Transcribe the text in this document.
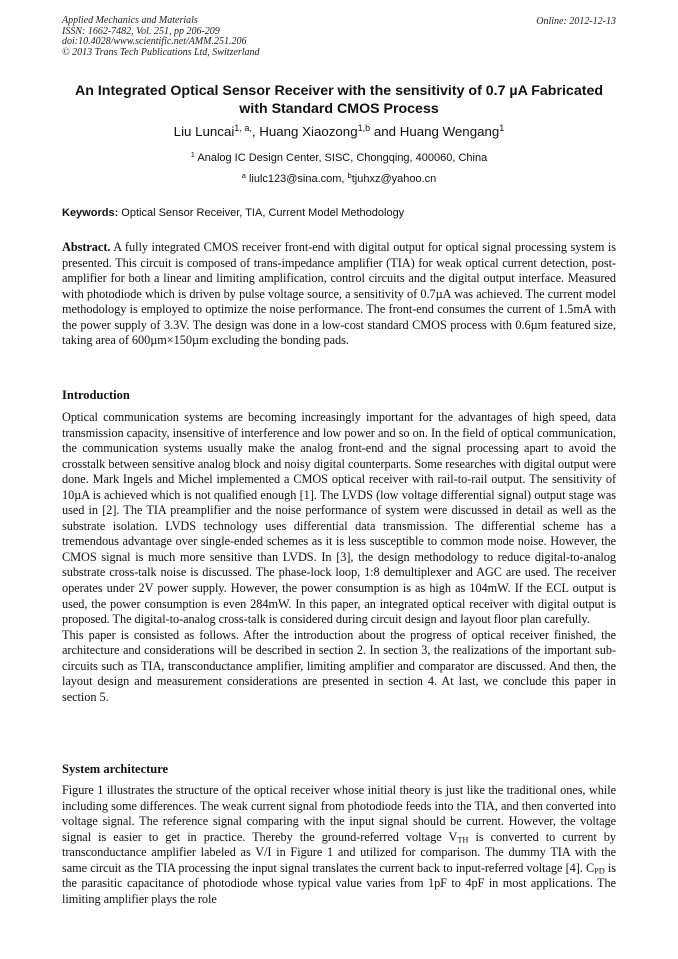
Applied Mechanics and Materials
ISSN: 1662-7482, Vol. 251, pp 206-209
doi:10.4028/www.scientific.net/AMM.251.206
© 2013 Trans Tech Publications Ltd, Switzerland
Online: 2012-12-13
An Integrated Optical Sensor Receiver with the sensitivity of 0.7 µA Fabricated with Standard CMOS Process
Liu Luncai$^{1, a,}$, Huang Xiaozong$^{1,b}$ and Huang Wengang$^1$
$^1$ Analog IC Design Center, SISC, Chongqing, 400060, China
$^a$ liulc123@sina.com, $^b$tjuhxz@yahoo.cn
Keywords: Optical Sensor Receiver, TIA, Current Model Methodology
Abstract. A fully integrated CMOS receiver front-end with digital output for optical signal processing system is presented. This circuit is composed of trans-impedance amplifier (TIA) for weak optical current detection, post-amplifier for both a linear and limiting amplification, control circuits and the digital output interface. Measured with photodiode which is driven by pulse voltage source, a sensitivity of 0.7µA was achieved. The current model methodology is employed to optimize the noise performance. The front-end consumes the current of 1.5mA with the power supply of 3.3V. The design was done in a low-cost standard CMOS process with 0.6µm featured size, taking area of 600µm×150µm excluding the bonding pads.
Introduction

Optical communication systems are becoming increasingly important for the advantages of high speed, data transmission capacity, insensitive of interference and low power and so on. In the field of optical communication, the communication systems usually make the analog front-end and the signal processing apart to avoid the crosstalk between sensitive analog block and noisy digital counterparts. Some researches with digital output were done. Mark Ingels and Michel implemented a CMOS optical receiver with rail-to-rail output. The sensitivity of 10µA is achieved which is not qualified enough [1]. The LVDS (low voltage differential signal) output stage was used in [2]. The TIA preamplifier and the noise performance of system were discussed in detail as well as the substrate isolation. LVDS technology uses differential data transmission. The differential scheme has a tremendous advantage over single-ended schemes as it is less susceptible to common mode noise. However, the CMOS signal is much more sensitive than LVDS. In [3], the design methodology to reduce digital-to-analog substrate cross-talk noise is discussed. The phase-lock loop, 1:8 demultiplexer and AGC are used. The receiver operates under 2V power supply. However, the power consumption is as high as 104mW. If the ECL output is used, the power consumption is even 284mW. In this paper, an integrated optical receiver with digital output is proposed. The digital-to-analog cross-talk is considered during circuit design and layout floor plan carefully.

This paper is consisted as follows. After the introduction about the progress of optical receiver finished, the architecture and considerations will be described in section 2. In section 3, the realizations of the important sub-circuits such as TIA, transconductance amplifier, limiting amplifier and comparator are discussed. And then, the layout design and measurement considerations are presented in section 4. At last, we conclude this paper in section 5.

System architecture
Figure 1 illustrates the structure of the optical receiver whose initial theory is just like the traditional ones, while including some differences. The weak current signal from photodiode feeds into the TIA, and then converted into voltage signal. The reference signal comparing with the input signal should be current. However, the voltage signal is easier to get in practice. Thereby the ground-referred voltage $V_{TH}$ is converted to current by transconductance amplifier labeled as V/I in Figure 1 and utilized for comparison. The dummy TIA with the same circuit as the TIA processing the input signal translates the current back to input-referred voltage [4]. $C_{PD}$ is the parasitic capacitance of photodiode whose typical value varies from 1pF to 4pF in most applications. The limiting amplifier plays the role
